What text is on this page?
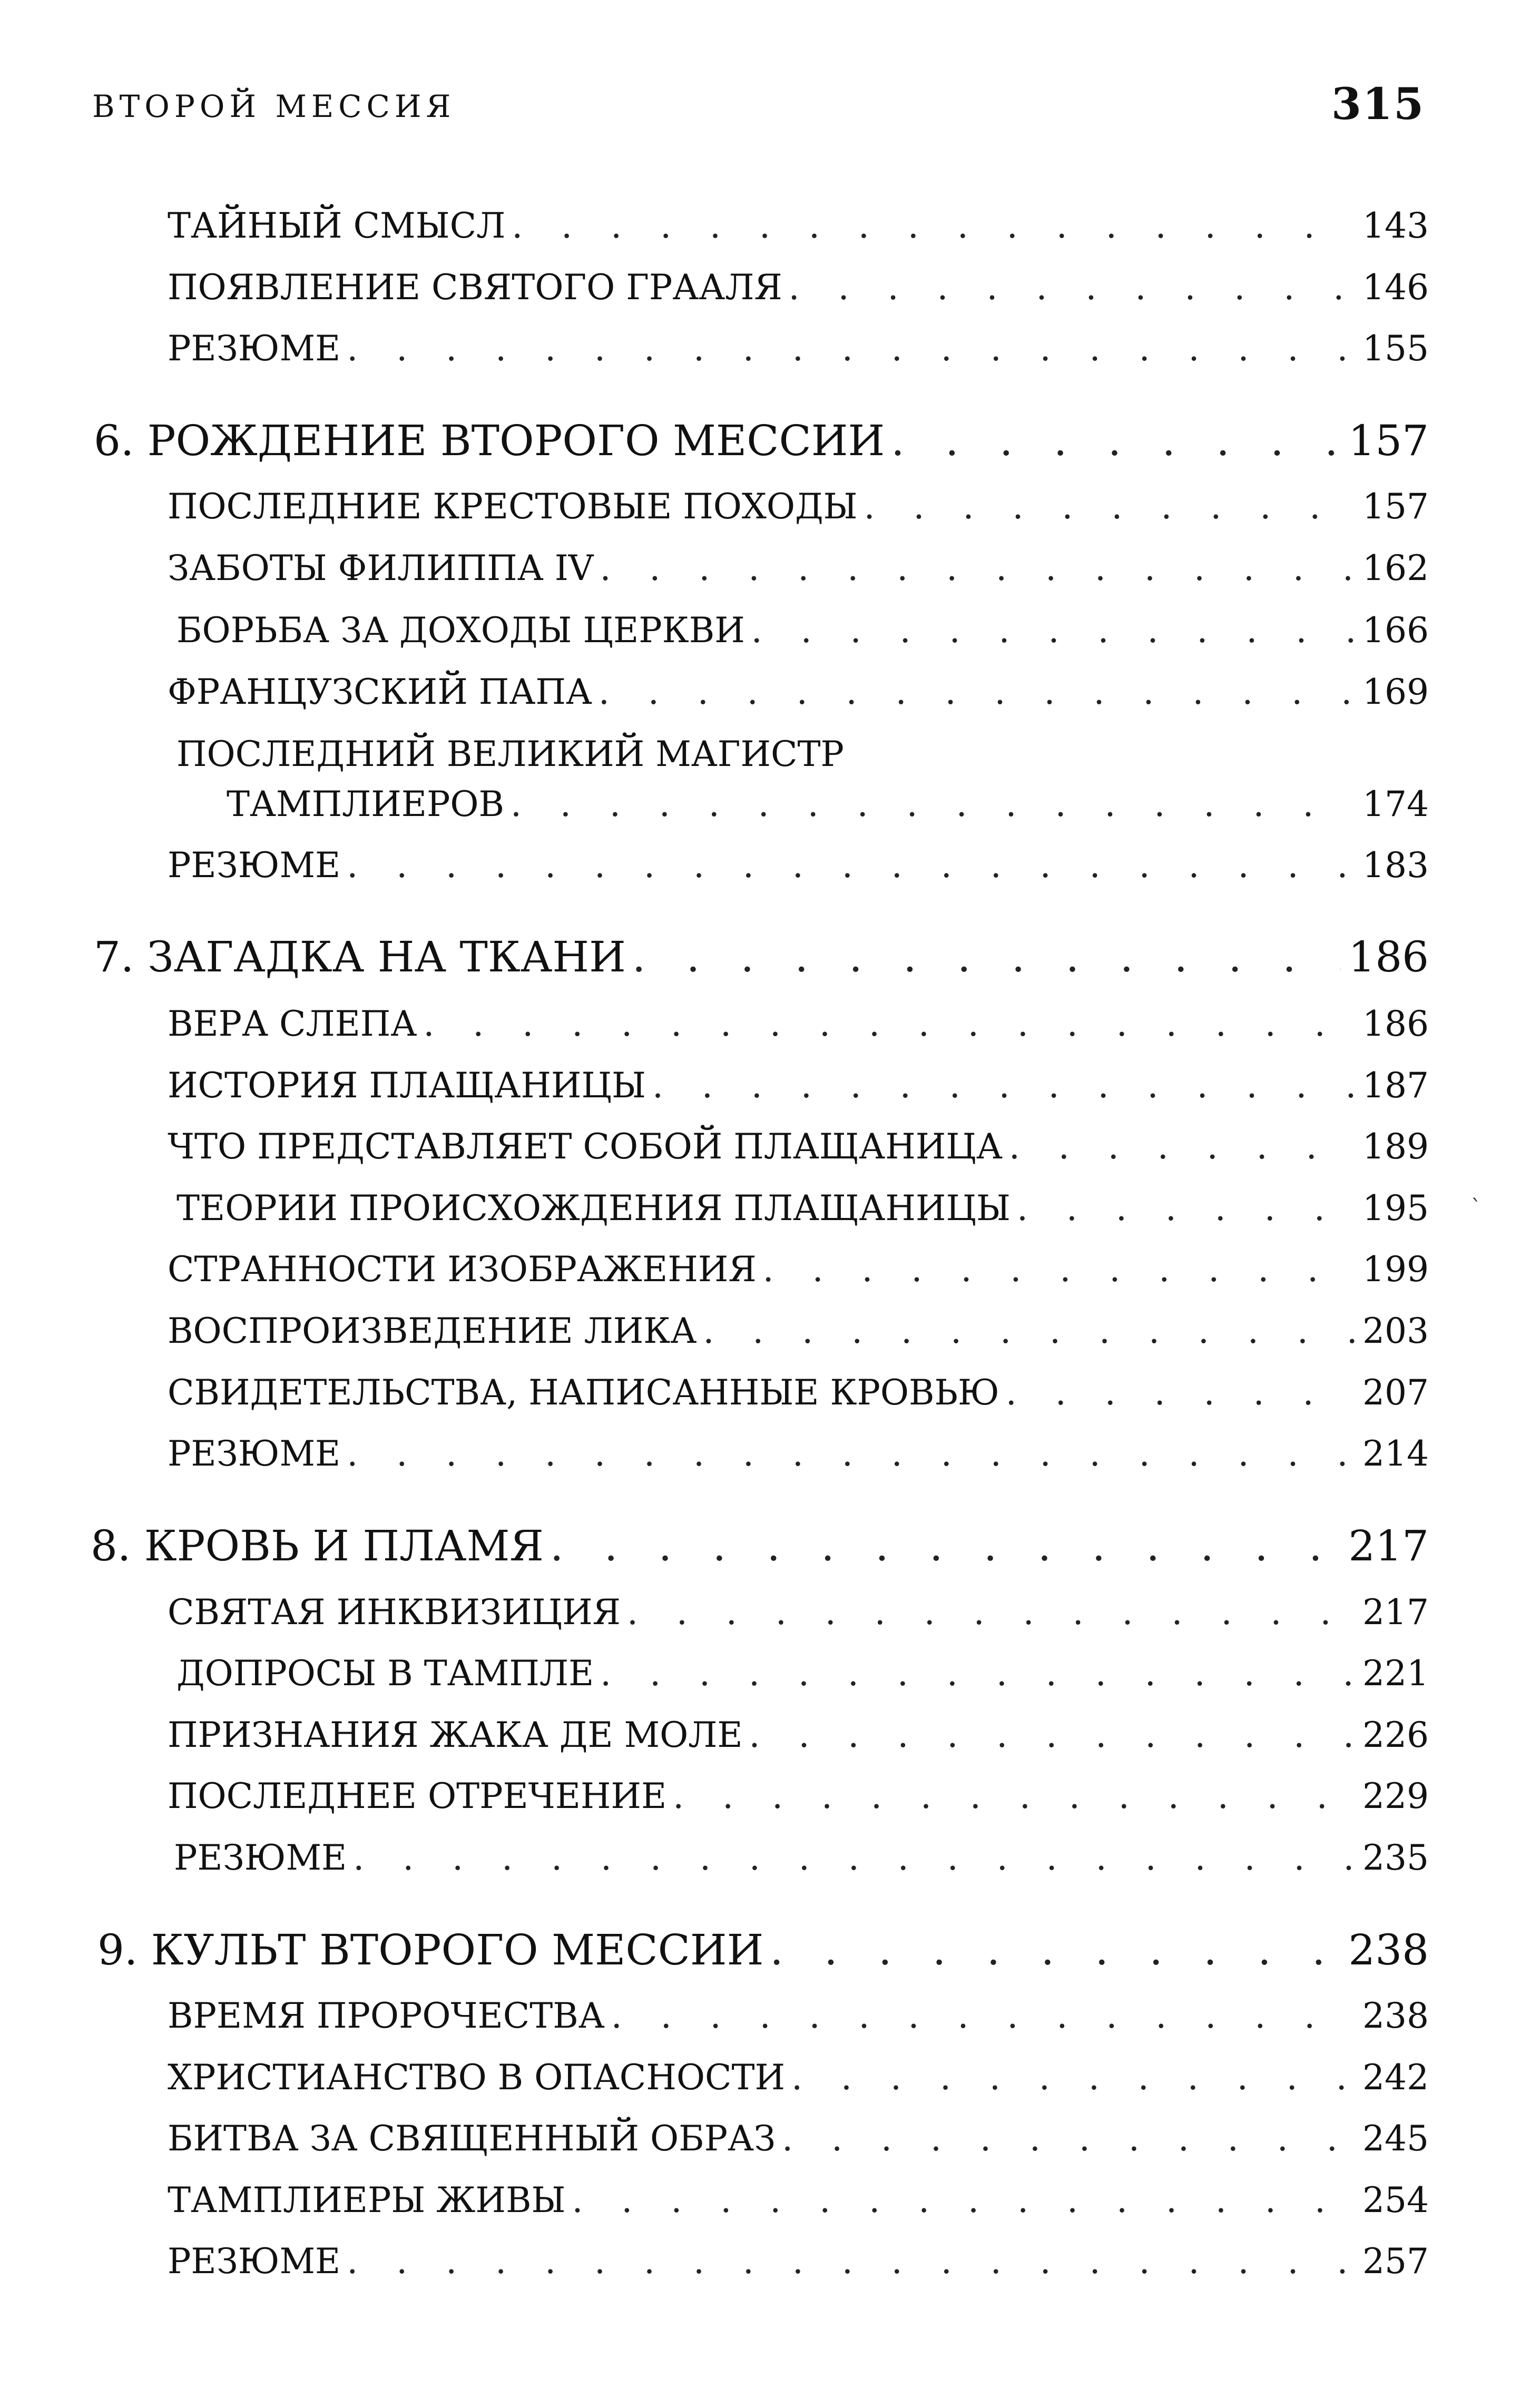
ВТОРОЙ МЕССИЯ	315
ТАЙНЫЙ СМЫСЛ . . .	143
ПОЯВЛЕНИЕ СВЯТОГО ГРААЛЯ . . .	146
РЕЗЮМЕ . . .	155
6. РОЖДЕНИЕ ВТОРОГО МЕССИИ . . .	157
ПОСЛЕДНИЕ КРЕСТОВЫЕ ПОХОДЫ . . .	157
ЗАБОТЫ ФИЛИППА IV . . .	162
БОРЬБА ЗА ДОХОДЫ ЦЕРКВИ . . .	166
ФРАНЦУЗСКИЙ ПАПА . . .	169
ПОСЛЕДНИЙ ВЕЛИКИЙ МАГИСТР
ТАМПЛИЕРОВ . . .	174
РЕЗЮМЕ . . .	183
7. ЗАГАДКА НА ТКАНИ . . .	186
ВЕРА СЛЕПА . . .	186
ИСТОРИЯ ПЛАЩАНИЦЫ . . .	187
ЧТО ПРЕДСТАВЛЯЕТ СОБОЙ ПЛАЩАНИЦА . . .	189
ТЕОРИИ ПРОИСХОЖДЕНИЯ ПЛАЩАНИЦЫ . . .	195
СТРАННОСТИ ИЗОБРАЖЕНИЯ . . .	199
ВОСПРОИЗВЕДЕНИЕ ЛИКА . . .	203
СВИДЕТЕЛЬСТВА, НАПИСАННЫЕ КРОВЬЮ . . .	207
РЕЗЮМЕ . . .	214
8. КРОВЬ И ПЛАМЯ . . .	217
СВЯТАЯ ИНКВИЗИЦИЯ . . .	217
ДОПРОСЫ В ТАМПЛЕ . . .	221
ПРИЗНАНИЯ ЖАКА ДЕ МОЛЕ . . .	226
ПОСЛЕДНЕЕ ОТРЕЧЕНИЕ . . .	229
РЕЗЮМЕ . . .	235
9. КУЛЬТ ВТОРОГО МЕССИИ . . .	238
ВРЕМЯ ПРОРОЧЕСТВА . . .	238
ХРИСТИАНСТВО В ОПАСНОСТИ . . .	242
БИТВА ЗА СВЯЩЕННЫЙ ОБРАЗ . . .	245
ТАМПЛИЕРЫ ЖИВЫ . . .	254
РЕЗЮМЕ . . .	257
ˋ
